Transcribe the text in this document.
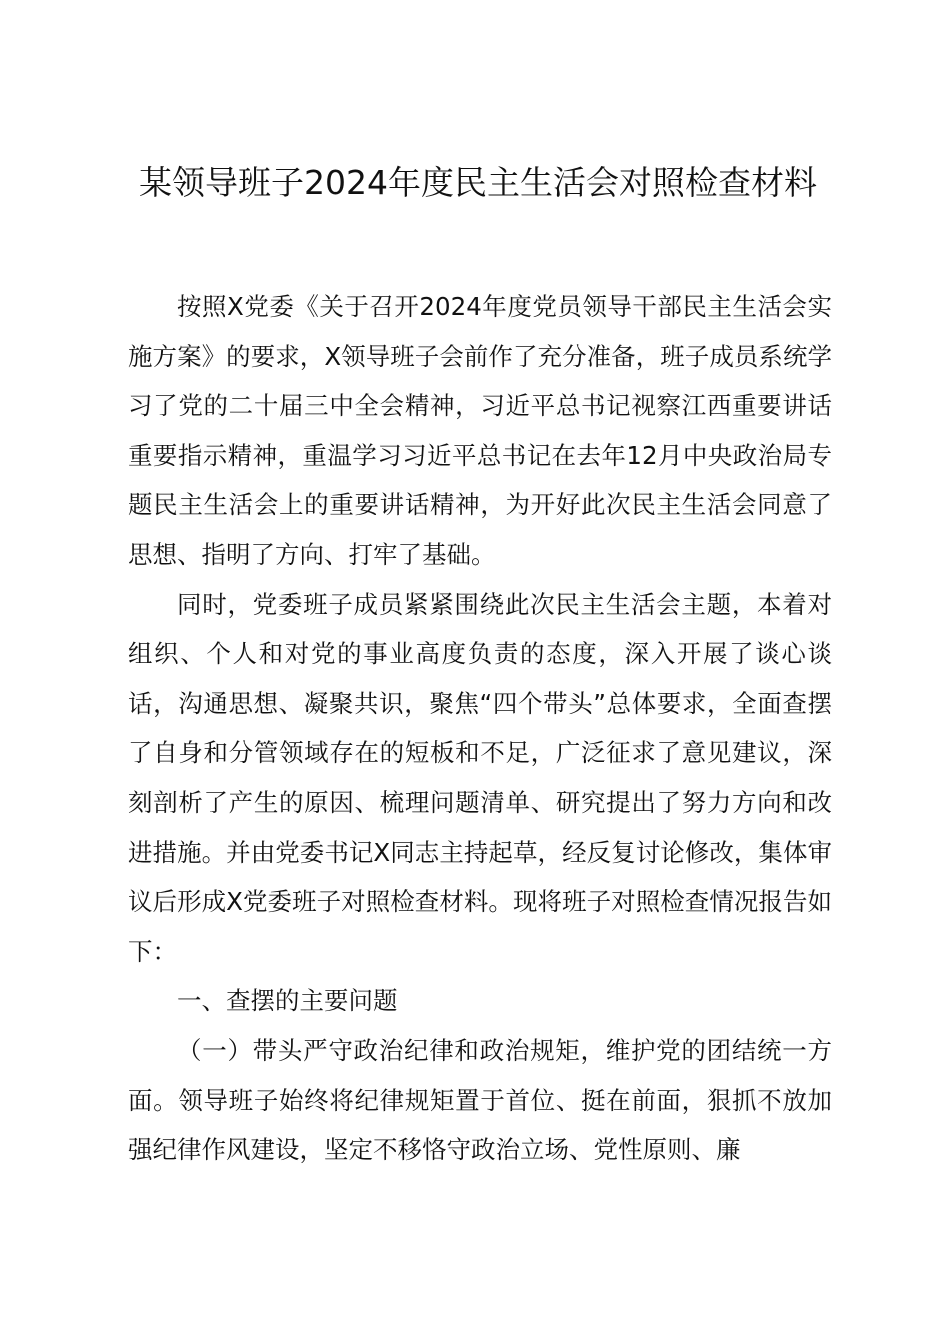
某领导班子2024年度民主生活会对照检查材料

按照X党委《关于召开2024年度党员领导干部民主生活会实施方案》的要求，X领导班子会前作了充分准备，班子成员系统学习了党的二十届三中全会精神，习近平总书记视察江西重要讲话重要指示精神，重温学习习近平总书记在去年12月中央政治局专题民主生活会上的重要讲话精神，为开好此次民主生活会同意了思想、指明了方向、打牢了基础。

同时，党委班子成员紧紧围绕此次民主生活会主题，本着对组织、个人和对党的事业高度负责的态度，深入开展了谈心谈话，沟通思想、凝聚共识，聚焦“四个带头”总体要求，全面查摆了自身和分管领域存在的短板和不足，广泛征求了意见建议，深刻剖析了产生的原因、梳理问题清单、研究提出了努力方向和改进措施。并由党委书记X同志主持起草，经反复讨论修改，集体审议后形成X党委班子对照检查材料。现将班子对照检查情况报告如下：

一、查摆的主要问题

（一）带头严守政治纪律和政治规矩，维护党的团结统一方面。领导班子始终将纪律规矩置于首位、挺在前面，狠抓不放加强纪律作风建设，坚定不移恪守政治立场、党性原则、廉
